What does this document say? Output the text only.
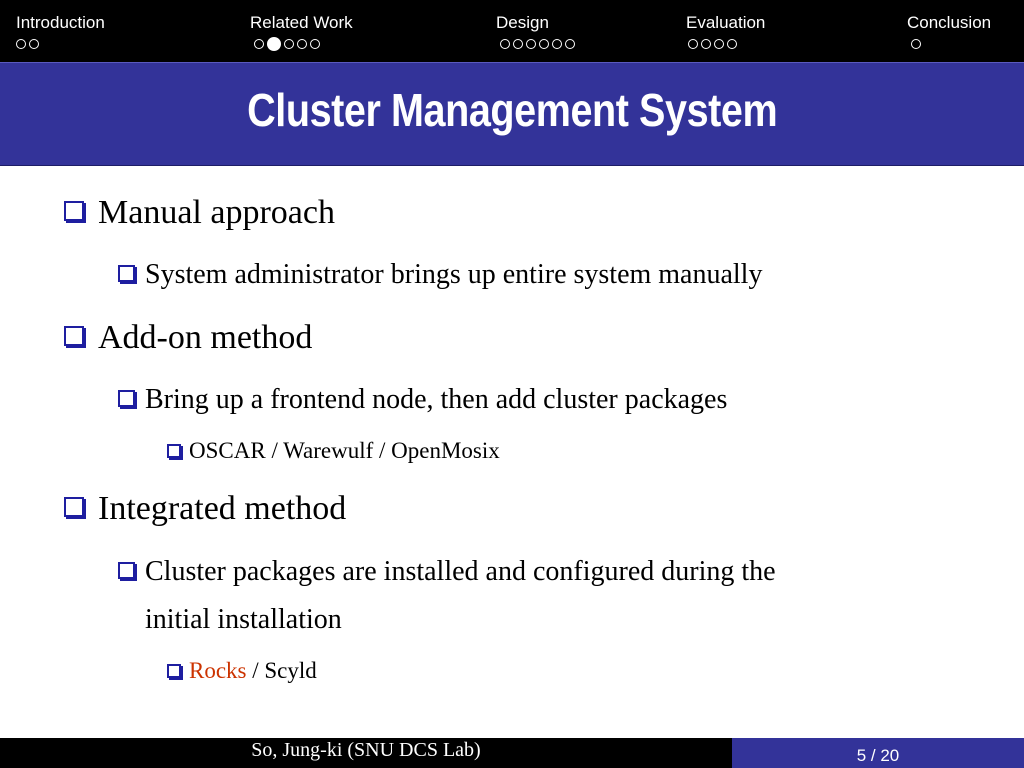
Introduction	Related Work	Design	Evaluation	Conclusion
Cluster Management System
Manual approach
System administrator brings up entire system manually
Add-on method
Bring up a frontend node, then add cluster packages
OSCAR / Warewulf / OpenMosix
Integrated method
Cluster packages are installed and configured during the
initial installation
Rocks / Scyld
So, Jung-ki (SNU DCS Lab)	5 / 20
